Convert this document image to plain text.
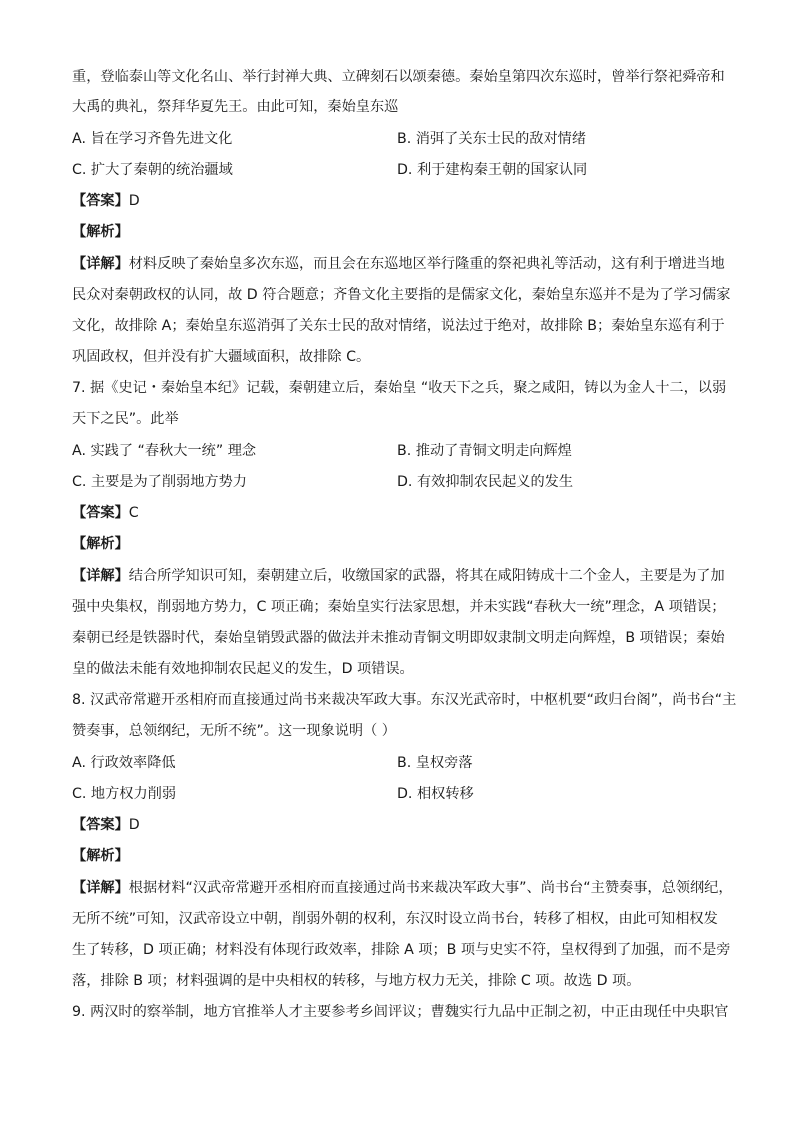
重，登临泰山等文化名山、举行封禅大典、立碑刻石以颂秦德。秦始皇第四次东巡时，曾举行祭祀舜帝和
大禹的典礼，祭拜华夏先王。由此可知，秦始皇东巡
A. 旨在学习齐鲁先进文化	B. 消弭了关东士民的敌对情绪
C. 扩大了秦朝的统治疆域	D. 利于建构秦王朝的国家认同
【答案】D
【解析】
【详解】材料反映了秦始皇多次东巡，而且会在东巡地区举行隆重的祭祀典礼等活动，这有利于增进当地
民众对秦朝政权的认同，故 D 符合题意；齐鲁文化主要指的是儒家文化，秦始皇东巡并不是为了学习儒家
文化，故排除 A；秦始皇东巡消弭了关东士民的敌对情绪，说法过于绝对，故排除 B；秦始皇东巡有利于
巩固政权，但并没有扩大疆域面积，故排除 C。
7. 据《史记・秦始皇本纪》记载，秦朝建立后，秦始皇 “收天下之兵，聚之咸阳，铸以为金人十二，以弱
天下之民”。此举
A. 实践了 “春秋大一统” 理念	B. 推动了青铜文明走向辉煌
C. 主要是为了削弱地方势力	D. 有效抑制农民起义的发生
【答案】C
【解析】
【详解】结合所学知识可知，秦朝建立后，收缴国家的武器，将其在咸阳铸成十二个金人，主要是为了加
强中央集权，削弱地方势力，C 项正确；秦始皇实行法家思想，并未实践“春秋大一统”理念，A 项错误；
秦朝已经是铁器时代，秦始皇销毁武器的做法并未推动青铜文明即奴隶制文明走向辉煌，B 项错误；秦始
皇的做法未能有效地抑制农民起义的发生，D 项错误。
8. 汉武帝常避开丞相府而直接通过尚书来裁决军政大事。东汉光武帝时，中枢机要“政归台阁”，尚书台“主
赞奏事，总领纲纪，无所不统”。这一现象说明（ ）
A. 行政效率降低	B. 皇权旁落
C. 地方权力削弱	D. 相权转移
【答案】D
【解析】
【详解】根据材料“汉武帝常避开丞相府而直接通过尚书来裁决军政大事”、尚书台“主赞奏事，总领纲纪，
无所不统”可知，汉武帝设立中朝，削弱外朝的权利，东汉时设立尚书台，转移了相权，由此可知相权发
生了转移，D 项正确；材料没有体现行政效率，排除 A 项；B 项与史实不符，皇权得到了加强，而不是旁
落，排除 B 项；材料强调的是中央相权的转移，与地方权力无关，排除 C 项。故选 D 项。
9. 两汉时的察举制，地方官推举人才主要参考乡闾评议；曹魏实行九品中正制之初，中正由现任中央职官
